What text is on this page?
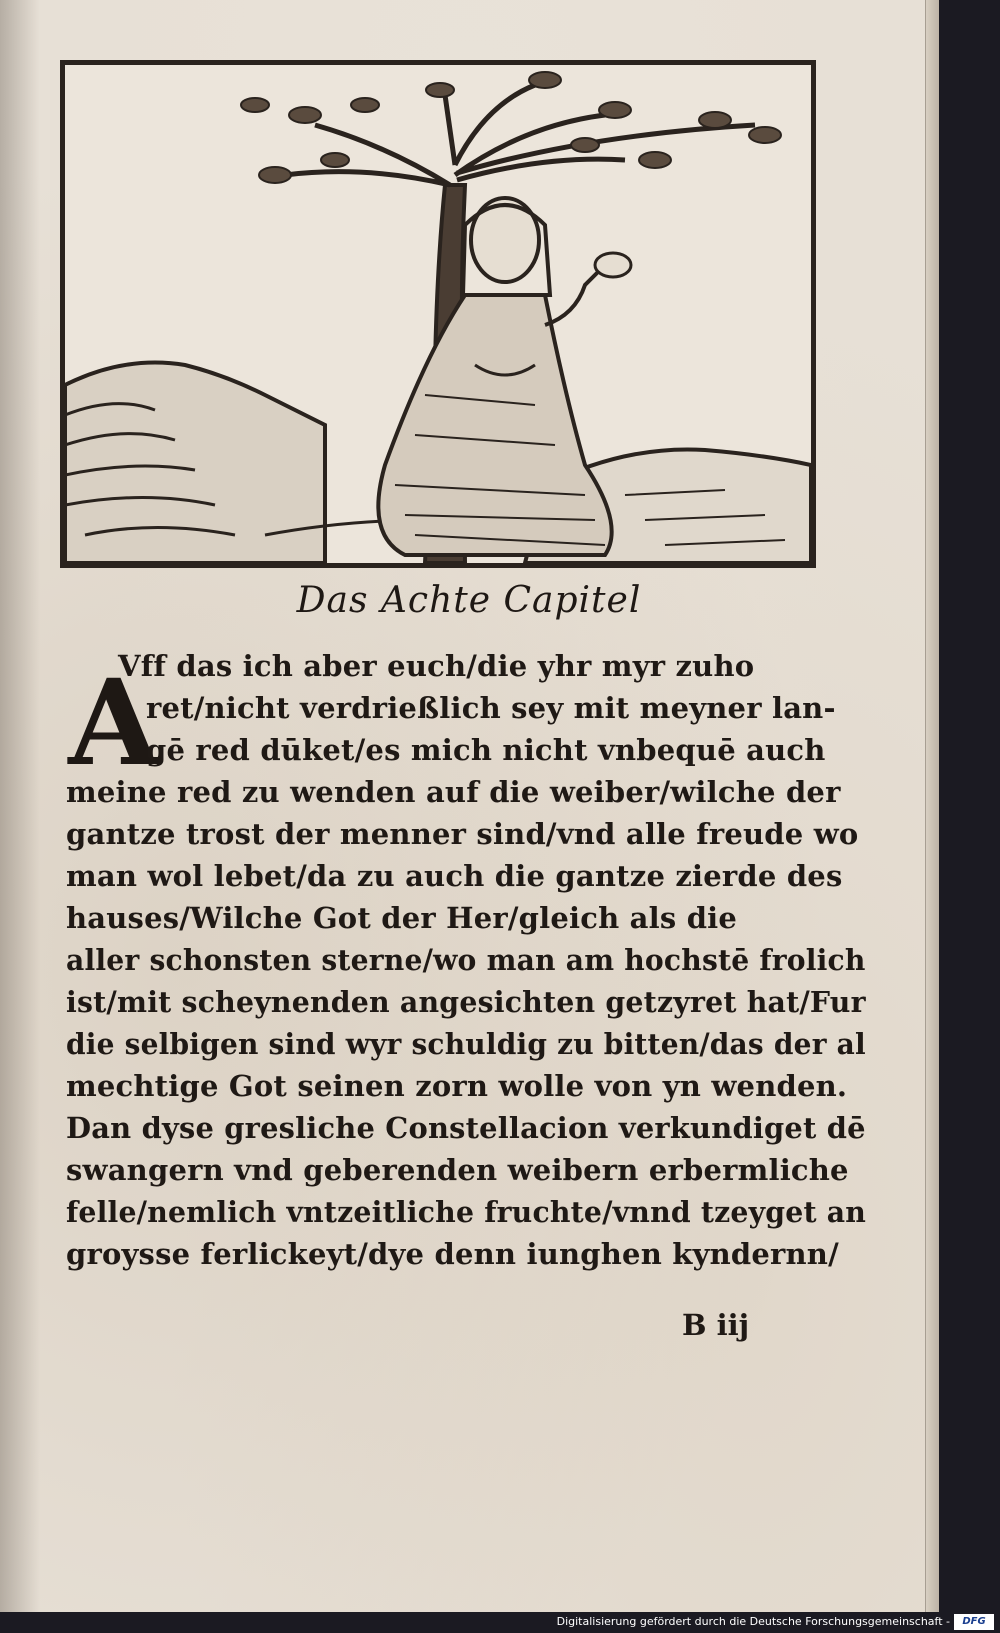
Das Achte Capitel
A
Vff das ich aber euch/die yhr myr zuho
ret/nicht verdrießlich sey mit meyner lan-
gē red dūket/es mich nicht vnbequē auch
meine red zu wenden auf die weiber/wilche der
gantze trost der menner sind/vnd alle freude wo
man wol lebet/da zu auch die gantze zierde des
hauses/Wilche Got der Her/gleich als die
aller schonsten sterne/wo man am hochstē frolich
ist/mit scheynenden angesichten getzyret hat/Fur
die selbigen sind wyr schuldig zu bitten/das der al
mechtige Got seinen zorn wolle von yn wenden.
Dan dyse gresliche Constellacion verkundiget dē
swangern vnd geberenden weibern erbermliche
felle/nemlich vntzeitliche fruchte/vnnd tzeyget an
groysse ferlickeyt/dye denn iunghen kyndernn/
B iij
Digitalisierung gefördert durch die Deutsche Forschungsgemeinschaft -	DFG
